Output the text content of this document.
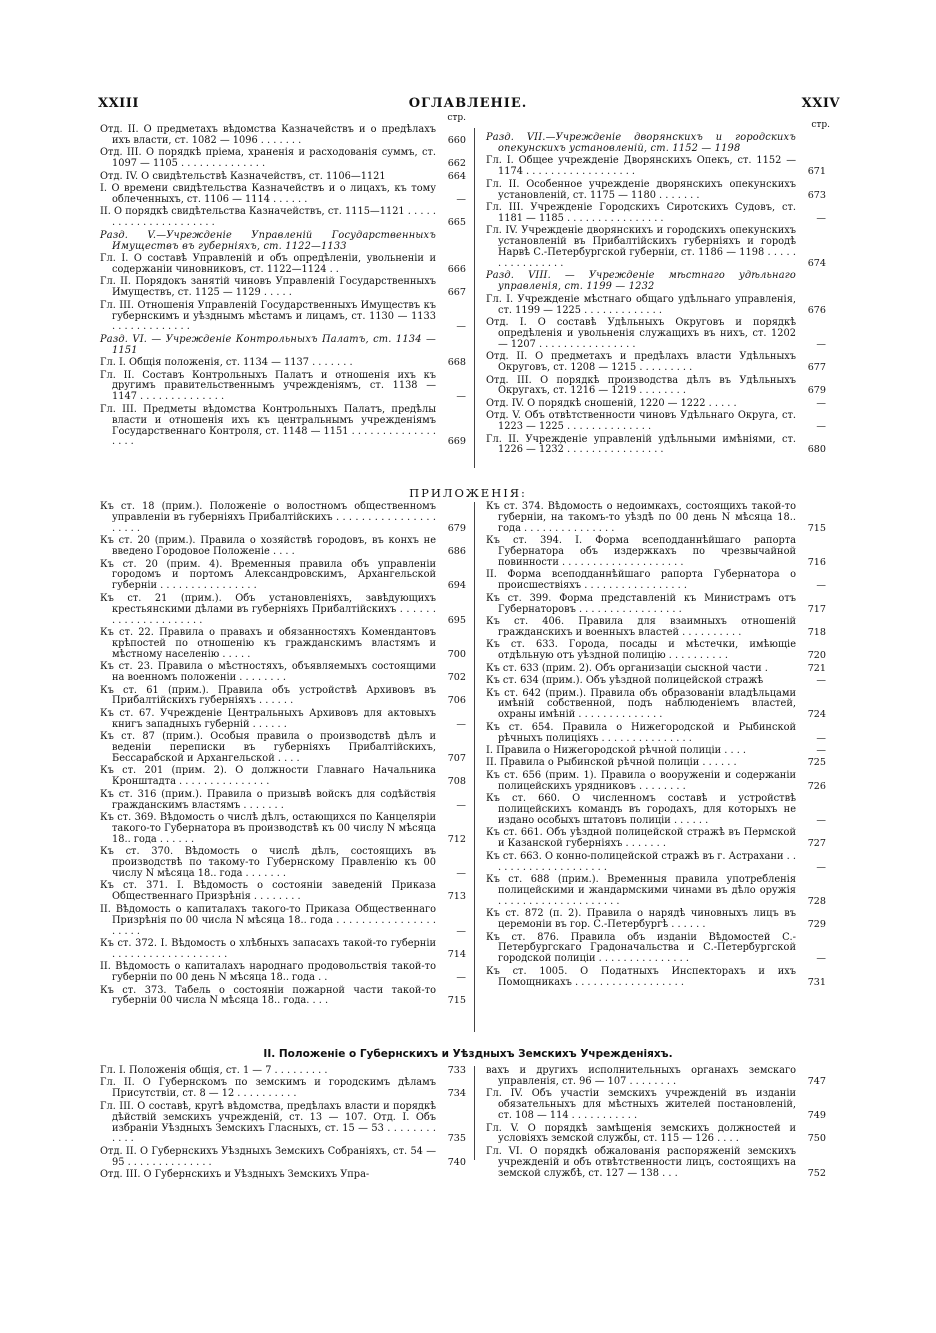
XXIII	ОГЛАВЛЕНІЕ.	XXIV
стр.
Отд. II. О предметахъ вѣдомства Казначействъ и о предѣлахъ ихъ власти, ст. 1082 — 1096 . . . . . . .	660
Отд. III. О порядкѣ пріема, храненія и расходованія суммъ, ст. 1097 — 1105 . . . . . . . . . . . . . .	662
Отд. IV. О свидѣтельствѣ Казначействъ, ст. 1106—1121	664
I. О времени свидѣтельства Казначействъ и о лицахъ, къ тому облеченныхъ, ст. 1106 — 1114 . . . . . .	—
II. О порядкѣ свидѣтельства Казначействъ, ст. 1115—1121 . . . . . . . . . . . . . . . . . . . . . .	665
Разд. V.—Учрежденіе Управленій Государственныхъ Имуществъ въ губерніяхъ, ст. 1122—1133
Гл. I. О составѣ Управленій и объ опредѣленіи, увольненіи и содержаніи чиновниковъ, ст. 1122—1124 . .	666
Гл. II. Порядокъ занятій чиновъ Управленій Государственныхъ Имуществъ, ст. 1125 — 1129 . . . . .	667
Гл. III. Отношенія Управленій Государственныхъ Имуществъ къ губернскимъ и уѣзднымъ мѣстамъ и лицамъ, ст. 1130 — 1133 . . . . . . . . . . . . .	—
Разд. VI. — Учрежденіе Контрольныхъ Палатъ, ст. 1134 — 1151
Гл. I. Общія положенія, ст. 1134 — 1137 . . . . . . .	668
Гл. II. Составъ Контрольныхъ Палатъ и отношенія ихъ къ другимъ правительственнымъ учрежденіямъ, ст. 1138 — 1147 . . . . . . . . . . . . . .	—
Гл. III. Предметы вѣдомства Контрольныхъ Палатъ, предѣлы власти и отношенія ихъ къ центральнымъ учрежденіямъ Государственнаго Контроля, ст. 1148 — 1151 . . . . . . . . . . . . . . . . . .	669
стр.
Разд. VII.—Учрежденіе дворянскихъ и городскихъ опекунскихъ установленій, ст. 1152 — 1198
Гл. I. Общее учрежденіе Дворянскихъ Опекъ, ст. 1152 — 1174 . . . . . . . . . . . . . . . . . .	671
Гл. II. Особенное учрежденіе дворянскихъ опекунскихъ установленій, ст. 1175 — 1180 . . . . . . .	673
Гл. III. Учрежденіе Городскихъ Сиротскихъ Судовъ, ст. 1181 — 1185 . . . . . . . . . . . . . . . .	—
Гл. IV. Учрежденіе дворянскихъ и городскихъ опекунскихъ установленій въ Прибалтійскихъ губерніяхъ и городѣ Нарвѣ С.-Петербургской губерніи, ст. 1186 — 1198 . . . . . . . . . . . . . . . .	674
Разд. VIII. — Учрежденіе мѣстнаго удѣльнаго управленія, ст. 1199 — 1232
Гл. I. Учрежденіе мѣстнаго общаго удѣльнаго управленія, ст. 1199 — 1225 . . . . . . . . . . . . .	676
Отд. I. О составѣ Удѣльныхъ Округовъ и порядкѣ опредѣленія и увольненія служащихъ въ нихъ, ст. 1202 — 1207 . . . . . . . . . . . . . . . .	—
Отд. II. О предметахъ и предѣлахъ власти Удѣльныхъ Округовъ, ст. 1208 — 1215 . . . . . . . . .	677
Отд. III. О порядкѣ производства дѣлъ въ Удѣльныхъ Округахъ, ст. 1216 — 1219 . . . . . . . .	679
Отд. IV. О порядкѣ сношеній, 1220 — 1222 . . . . .	—
Отд. V. Объ отвѣтственности чиновъ Удѣльнаго Округа, ст. 1223 — 1225 . . . . . . . . . . . . . .	—
Гл. II. Учрежденіе управленій удѣльными имѣніями, ст. 1226 — 1232 . . . . . . . . . . . . . . . .	680
ПРИЛОЖЕНІЯ:
Къ ст. 18 (прим.). Положеніе о волостномъ общественномъ управленіи въ губерніяхъ Прибалтійскихъ . . . . . . . . . . . . . . . . . . . . .	679
Къ ст. 20 (прим.). Правила о хозяйствѣ городовъ, въ конхъ не введено Городовое Положеніе . . . .	686
Къ ст. 20 (прим. 4). Временныя правила объ управленіи городомъ и портомъ Александровскимъ, Архангельской губерніи . . . . . . . . . . . . . . . .	694
Къ ст. 21 (прим.). Объ установленіяхъ, завѣдующихъ крестьянскими дѣлами въ губерніяхъ Прибалтійскихъ . . . . . . . . . . . . . . . . . . . . .	695
Къ ст. 22. Правила о правахъ и обязанностяхъ Комендантовъ крѣпостей по отношенію къ гражданскимъ властямъ и мѣстному населенію . . . . .	700
Къ ст. 23. Правила о мѣстностяхъ, объявляемыхъ состоящими на военномъ положеніи . . . . . . . .	702
Къ ст. 61 (прим.). Правила объ устройствѣ Архивовъ въ Прибалтійскихъ губерніяхъ . . . . . .	706
Къ ст. 67. Учрежденіе Центральныхъ Архивовъ для актовыхъ книгъ западныхъ губерній . . . . . .	—
Къ ст. 87 (прим.). Особыя правила о производствѣ дѣлъ и веденіи переписки въ губерніяхъ Прибалтійскихъ, Бессарабской и Архангельской . . . .	707
Къ ст. 201 (прим. 2). О должности Главнаго Начальника Кронштадта . . . . . . . . . . . . . . .	708
Къ ст. 316 (прим.). Правила о призывѣ войскъ для содѣйствія гражданскимъ властямъ . . . . . . .	—
Къ ст. 369. Вѣдомость о числѣ дѣлъ, остающихся по Канцеляріи такого-то Губернатора въ производствѣ къ 00 числу N мѣсяца 18.. года . . . . . .	712
Къ ст. 370. Вѣдомость о числѣ дѣлъ, состоящихъ въ производствѣ по такому-то Губернскому Правленію къ 00 числу N мѣсяца 18.. года . . . . . . .	—
Къ ст. 371. I. Вѣдомость о состояніи заведеній Приказа Общественнаго Призрѣнія . . . . . . . .	713
II. Вѣдомость о капиталахъ такого-то Приказа Общественнаго Призрѣнія по 00 числа N мѣсяца 18.. года . . . . . . . . . . . . . . . . . . . . .	—
Къ ст. 372. I. Вѣдомость о хлѣбныхъ запасахъ такой-то губерніи . . . . . . . . . . . . . . . . . . .	714
II. Вѣдомость о капиталахъ народнаго продовольствія такой-то губерніи по 00 день N мѣсяца 18.. года . .	—
Къ ст. 373. Табель о состояніи пожарной части такой-то губерніи 00 числа N мѣсяца 18.. года. . . .	715
Къ ст. 374. Вѣдомость о недоимкахъ, состоящихъ такой-то губерніи, на такомъ-то уѣздѣ по 00 день N мѣсяца 18.. года . . . . . . . . . . . . . . .	715
Къ ст. 394. I. Форма всеподданнѣйшаго рапорта Губернатора объ издержкахъ по чрезвычайной повинности . . . . . . . . . . . . . . . . . . . .	716
II. Форма всеподданнѣйшаго рапорта Губернатора о происшествіяхъ . . . . . . . . . . . . . . . . .	—
Къ ст. 399. Форма представленій къ Министрамъ отъ Губернаторовъ . . . . . . . . . . . . . . . . .	717
Къ ст. 406. Правила для взаимныхъ отношеній гражданскихъ и военныхъ властей . . . . . . . . . .	718
Къ ст. 633. Города, посады и мѣстечки, имѣющіе отдѣльную отъ уѣздной полицію . . . . . . . . . .	720
Къ ст. 633 (прим. 2). Объ организаціи сыскной части .	721
Къ ст. 634 (прим.). Объ уѣздной полицейской стражѣ	—
Къ ст. 642 (прим.). Правила объ образованіи владѣльцами имѣній собственной, подъ наблюденіемъ властей, охраны имѣній . . . . . . . . . . . . . .	724
Къ ст. 654. Правила о Нижегородской и Рыбинской рѣчныхъ полиціяхъ . . . . . . . . . . . . . . .	—
I. Правила о Нижегородской рѣчной полиціи . . . .	—
II. Правила о Рыбинской рѣчной полиціи . . . . . .	725
Къ ст. 656 (прим. 1). Правила о вооруженіи и содержаніи полицейскихъ урядниковъ . . . . . . . .	726
Къ ст. 660. О численномъ составѣ и устройствѣ полицейскихъ командъ въ городахъ, для которыхъ не издано особыхъ штатовъ полиціи . . . . . .	—
Къ ст. 661. Объ уѣздной полицейской стражѣ въ Пермской и Казанской губерніяхъ . . . . . . .	727
Къ ст. 663. О конно-полицейской стражѣ въ г. Астрахани . . . . . . . . . . . . . . . . . . . .	—
Къ ст. 688 (прим.). Временныя правила употребленія полицейскими и жандармскими чинами въ дѣло оружія . . . . . . . . . . . . . . . . . . . .	728
Къ ст. 872 (п. 2). Правила о нарядѣ чиновныхъ лицъ въ церемоніи въ гор. С.-Петербургѣ . . . . . .	729
Къ ст. 876. Правила объ изданіи Вѣдомостей С.-Петербургскаго Градоначальства и С.-Петербургской городской полиціи . . . . . . . . . . . . . . .	—
Къ ст. 1005. О Податныхъ Инспекторахъ и ихъ Помощникахъ . . . . . . . . . . . . . . . . . .	731
II. Положеніе о Губернскихъ и Уѣздныхъ Земскихъ Учрежденіяхъ.
Гл. I. Положенія общія, ст. 1 — 7 . . . . . . . . .	733
Гл. II. О Губернскомъ по земскимъ и городскимъ дѣламъ Присутствіи, ст. 8 — 12 . . . . . . . . . .	734
Гл. III. О составѣ, кругѣ вѣдомства, предѣлахъ власти и порядкѣ дѣйствій земскихъ учрежденій, ст. 13 — 107. Отд. I. Объ избраніи Уѣздныхъ Земскихъ Гласныхъ, ст. 15 — 53 . . . . . . . . . . . .	735
Отд. II. О Губернскихъ Уѣздныхъ Земскихъ Собраніяхъ, ст. 54 — 95 . . . . . . . . . . . . . .	740
Отд. III. О Губернскихъ и Уѣздныхъ Земскихъ Упра-
вахъ и другихъ исполнительныхъ органахъ земскаго управленія, ст. 96 — 107 . . . . . . . .	747
Гл. IV. Объ участіи земскихъ учрежденій въ изданіи обязательныхъ для мѣстныхъ жителей постановленій, ст. 108 — 114 . . . . . . . . . . .	749
Гл. V. О порядкѣ замѣщенія земскихъ должностей и условіяхъ земской службы, ст. 115 — 126 . . . .	750
Гл. VI. О порядкѣ обжалованія распоряженій земскихъ учрежденій и объ отвѣтственности лицъ, состоящихъ на земской службѣ, ст. 127 — 138 . . .	752
